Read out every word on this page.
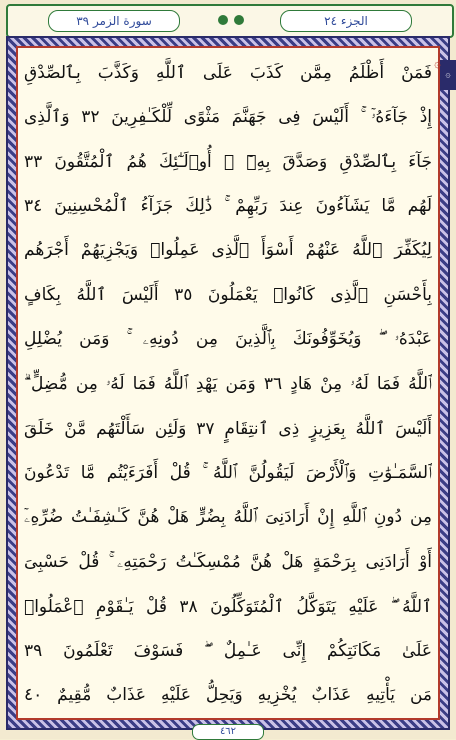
سورة الزمر ٣٩	الجزء ٢٤
۞
۞
فَمَنْ أَظْلَمُ مِمَّن كَذَبَ عَلَى ٱللَّهِ وَكَذَّبَ بِٱلصِّدْقِ
إِذْ جَآءَهُۥٓ ۚ أَلَيْسَ فِى جَهَنَّمَ مَثْوًى لِّلْكَـٰفِرِينَ ٣٢ وَٱلَّذِى
جَآءَ بِٱلصِّدْقِ وَصَدَّقَ بِهِۦٓ ۙ أُو۟لَـٰٓئِكَ هُمُ ٱلْمُتَّقُونَ ٣٣
لَهُم مَّا يَشَآءُونَ عِندَ رَبِّهِمْ ۚ ذَٰلِكَ جَزَآءُ ٱلْمُحْسِنِينَ ٣٤
لِيُكَفِّرَ ٱللَّهُ عَنْهُمْ أَسْوَأَ ٱلَّذِى عَمِلُوا۟ وَيَجْزِيَهُمْ أَجْرَهُم
بِأَحْسَنِ ٱلَّذِى كَانُوا۟ يَعْمَلُونَ ٣٥ أَلَيْسَ ٱللَّهُ بِكَافٍ
عَبْدَهُۥ ۖ وَيُخَوِّفُونَكَ بِٱلَّذِينَ مِن دُونِهِۦ ۚ وَمَن يُضْلِلِ
ٱللَّهُ فَمَا لَهُۥ مِنْ هَادٍ ٣٦ وَمَن يَهْدِ ٱللَّهُ فَمَا لَهُۥ مِن مُّضِلٍّ ۗ
أَلَيْسَ ٱللَّهُ بِعَزِيزٍ ذِى ٱنتِقَامٍ ٣٧ وَلَئِن سَأَلْتَهُم مَّنْ خَلَقَ
ٱلسَّمَـٰوَٰتِ وَٱلْأَرْضَ لَيَقُولُنَّ ٱللَّهُ ۚ قُلْ أَفَرَءَيْتُم مَّا تَدْعُونَ
مِن دُونِ ٱللَّهِ إِنْ أَرَادَنِىَ ٱللَّهُ بِضُرٍّ هَلْ هُنَّ كَـٰشِفَـٰتُ ضُرِّهِۦٓ
أَوْ أَرَادَنِى بِرَحْمَةٍ هَلْ هُنَّ مُمْسِكَـٰتُ رَحْمَتِهِۦ ۚ قُلْ حَسْبِىَ
ٱللَّهُ ۖ عَلَيْهِ يَتَوَكَّلُ ٱلْمُتَوَكِّلُونَ ٣٨ قُلْ يَـٰقَوْمِ ٱعْمَلُوا۟
عَلَىٰ مَكَانَتِكُمْ إِنِّى عَـٰمِلٌ ۖ فَسَوْفَ تَعْلَمُونَ ٣٩
مَن يَأْتِيهِ عَذَابٌ يُخْزِيهِ وَيَحِلُّ عَلَيْهِ عَذَابٌ مُّقِيمٌ ٤٠
٤٦٢
